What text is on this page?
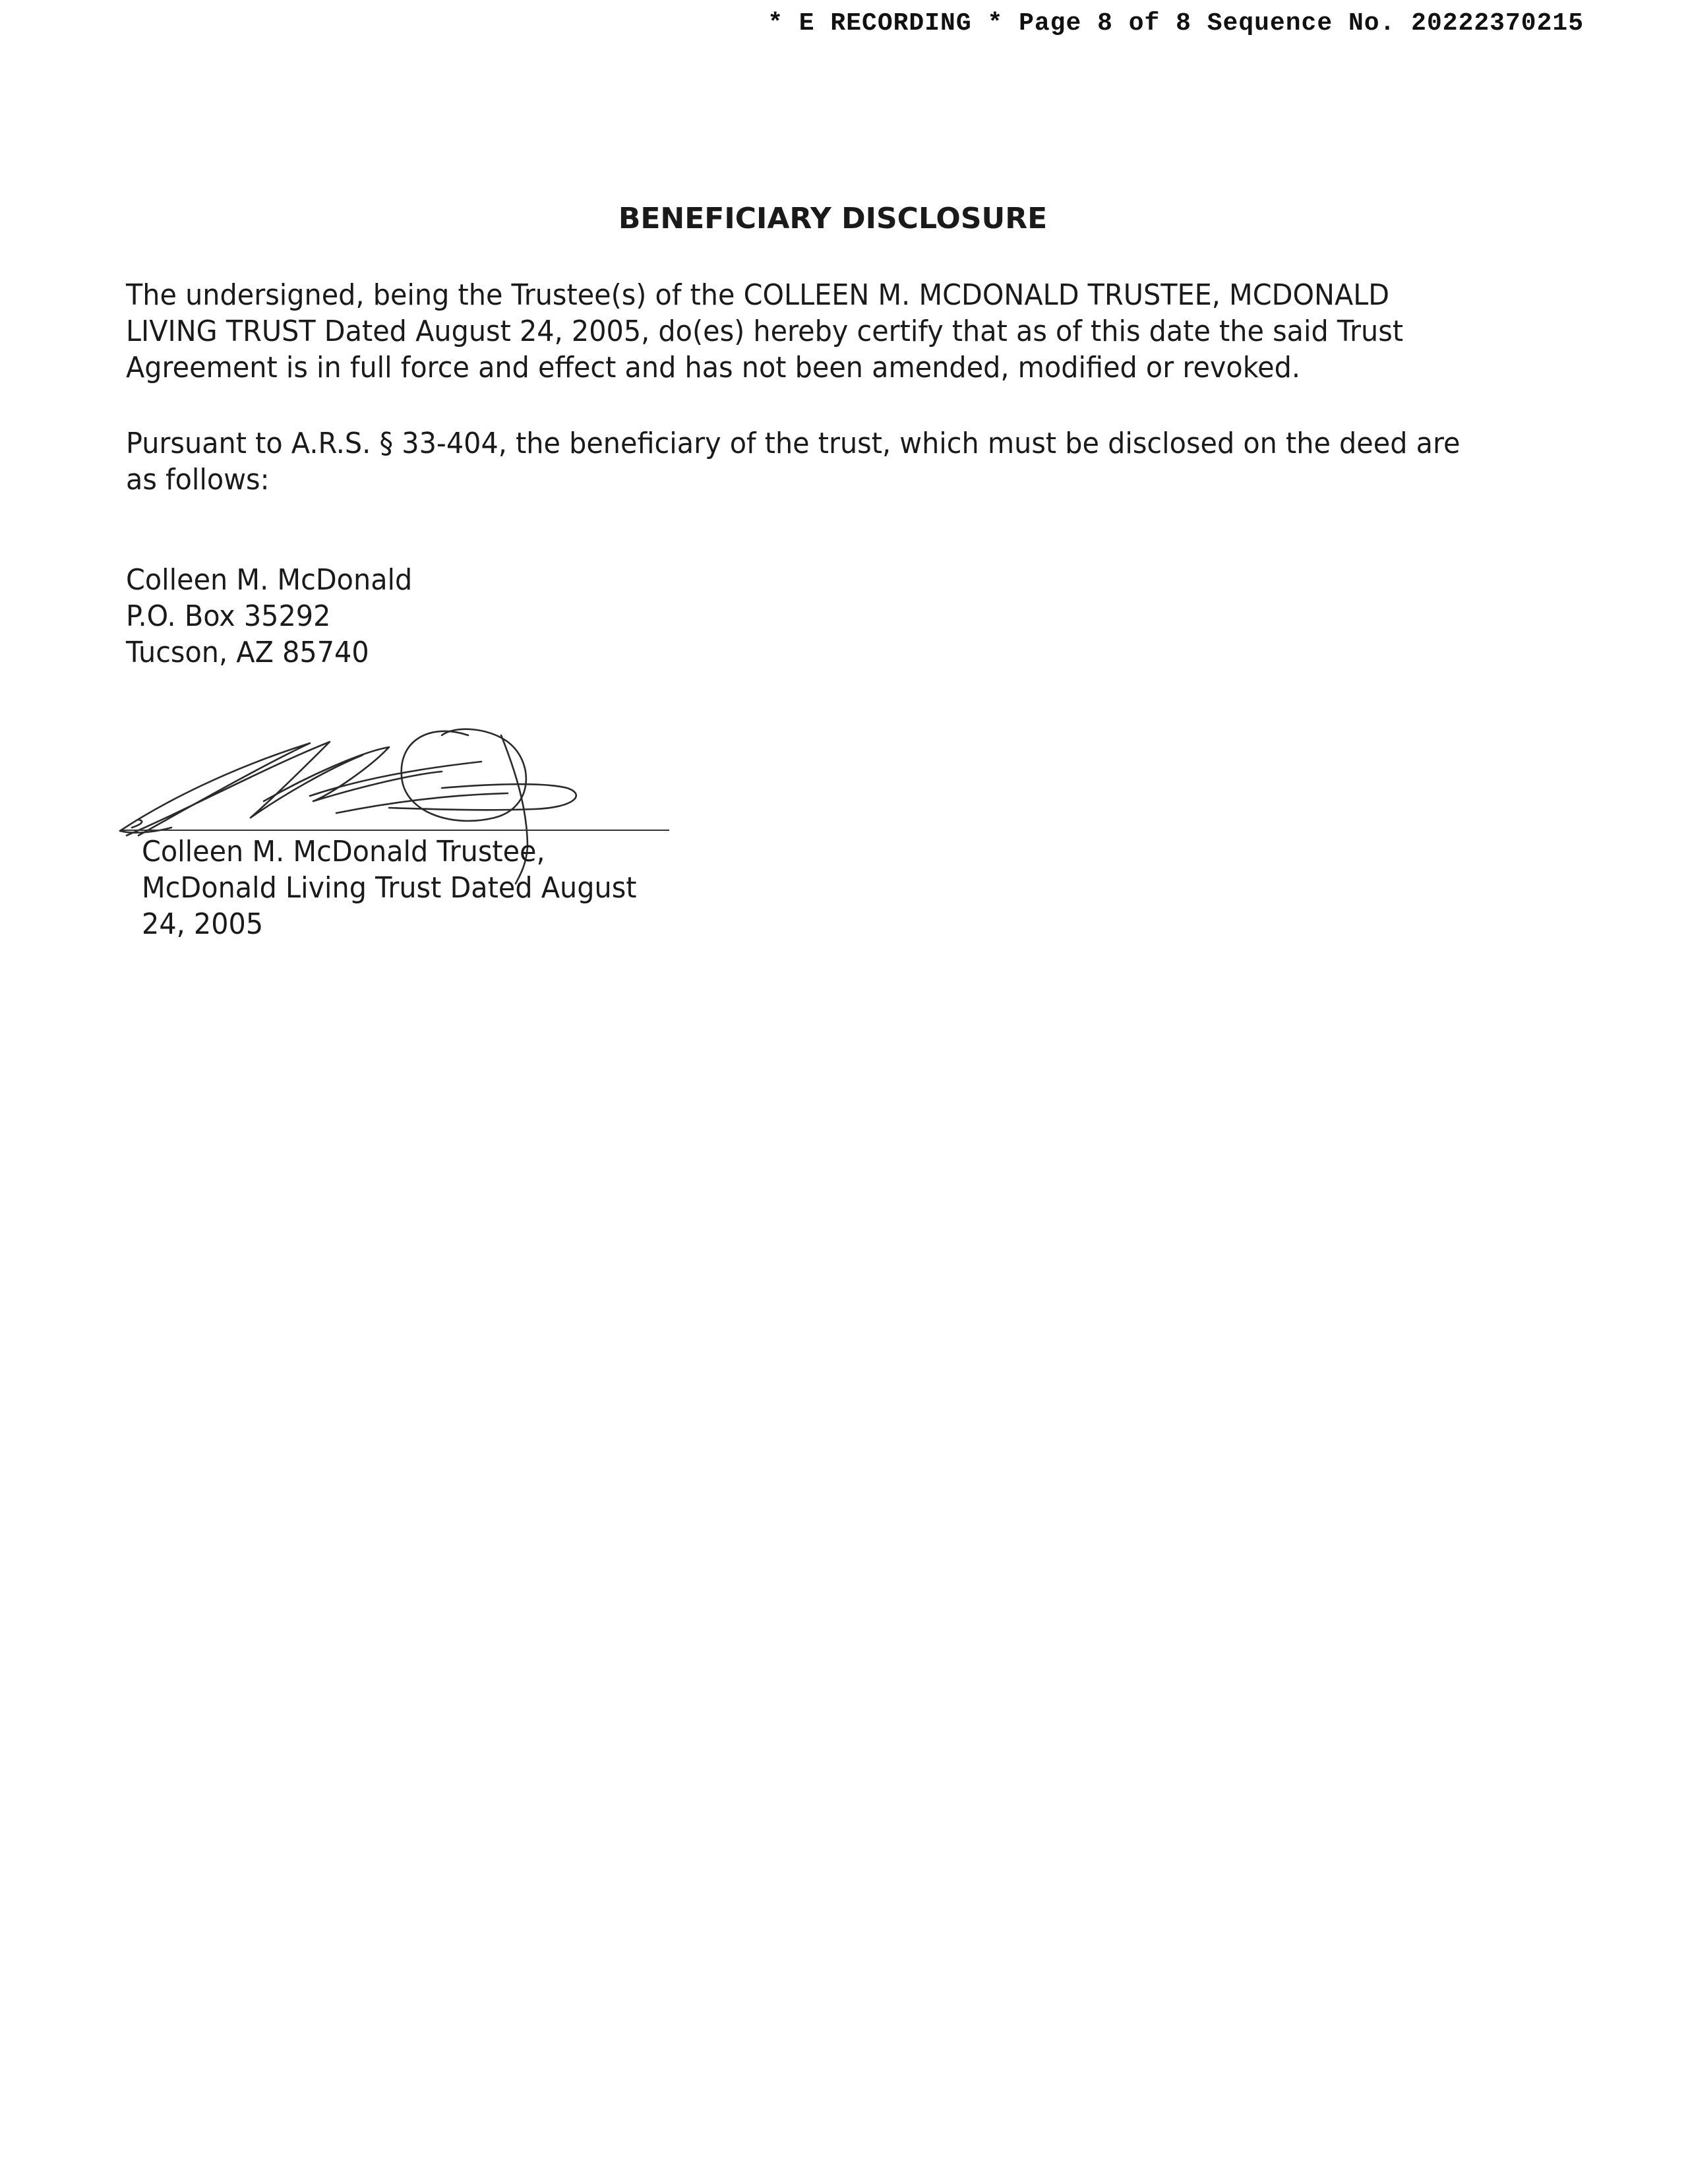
* E RECORDING * Page 8 of 8 Sequence No. 20222370215
BENEFICIARY DISCLOSURE
The undersigned, being the Trustee(s) of the COLLEEN M. MCDONALD TRUSTEE, MCDONALD LIVING TRUST Dated August 24, 2005, do(es) hereby certify that as of this date the said Trust Agreement is in full force and effect and has not been amended, modified or revoked.
Pursuant to A.R.S. § 33-404, the beneficiary of the trust, which must be disclosed on the deed are as follows:
Colleen M. McDonald
P.O. Box 35292
Tucson, AZ 85740
Colleen M. McDonald Trustee,
McDonald Living Trust Dated August
24, 2005
